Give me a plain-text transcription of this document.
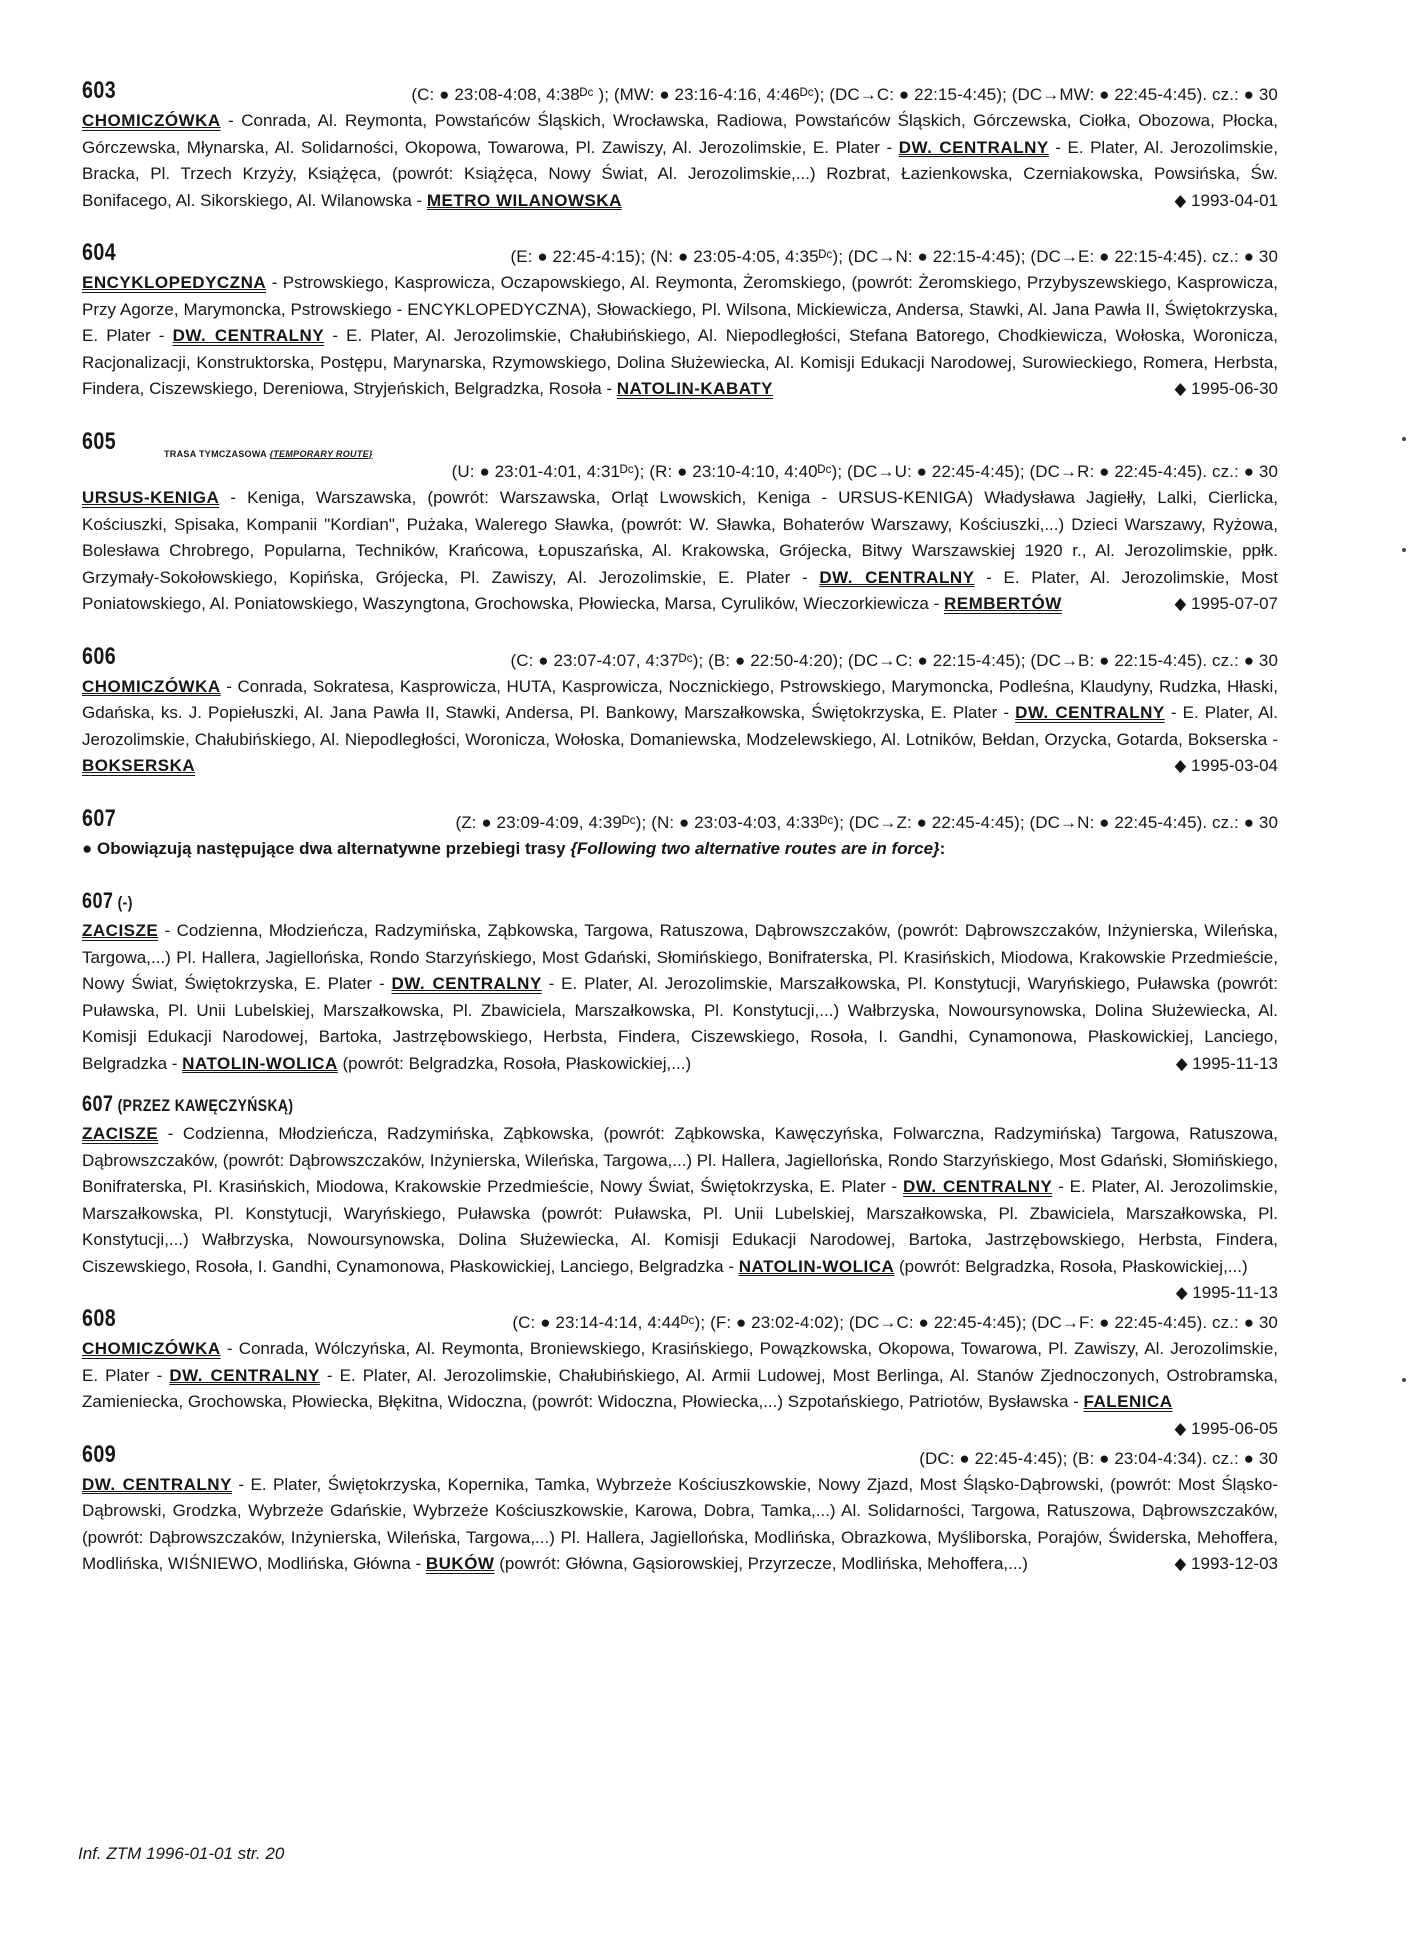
603	(C: ● 23:08-4:08, 4:38ᴰᶜ ); (MW: ● 23:16-4:16, 4:46ᴰᶜ); (DC→C: ● 22:15-4:45); (DC→MW: ● 22:45-4:45). cz.: ● 30
CHOMICZÓWKA - Conrada, Al. Reymonta, Powstańców Śląskich, Wrocławska, Radiowa, Powstańców Śląskich, Górczewska, Ciołka, Obozowa, Płocka, Górczewska, Młynarska, Al. Solidarności, Okopowa, Towarowa, Pl. Zawiszy, Al. Jerozolimskie, E. Plater - DW. CENTRALNY - E. Plater, Al. Jerozolimskie, Bracka, Pl. Trzech Krzyży, Książęca, (powrót: Książęca, Nowy Świat, Al. Jerozolimskie,...) Rozbrat, Łazienkowska, Czerniakowska, Powsińska, Św. Bonifacego, Al. Sikorskiego, Al. Wilanowska - METRO WILANOWSKA	◆ 1993-04-01
604	(E: ● 22:45-4:15); (N: ● 23:05-4:05, 4:35ᴰᶜ); (DC→N: ● 22:15-4:45); (DC→E: ● 22:15-4:45). cz.: ● 30
ENCYKLOPEDYCZNA - Pstrowskiego, Kasprowicza, Oczapowskiego, Al. Reymonta, Żeromskiego, (powrót: Żeromskiego, Przybyszewskiego, Kasprowicza, Przy Agorze, Marymoncka, Pstrowskiego - ENCYKLOPEDYCZNA), Słowackiego, Pl. Wilsona, Mickiewicza, Andersa, Stawki, Al. Jana Pawła II, Świętokrzyska, E. Plater - DW. CENTRALNY - E. Plater, Al. Jerozolimskie, Chałubińskiego, Al. Niepodległości, Stefana Batorego, Chodkiewicza, Wołoska, Woronicza, Racjonalizacji, Konstruktorska, Postępu, Marynarska, Rzymowskiego, Dolina Służewiecka, Al. Komisji Edukacji Narodowej, Surowieckiego, Romera, Herbsta, Findera, Ciszewskiego, Dereniowa, Stryjeńskich, Belgradzka, Rosoła - NATOLIN-KABATY	◆ 1995-06-30
605	TRASA TYMCZASOWA {TEMPORARY ROUTE}
(U: ● 23:01-4:01, 4:31ᴰᶜ); (R: ● 23:10-4:10, 4:40ᴰᶜ); (DC→U: ● 22:45-4:45); (DC→R: ● 22:45-4:45). cz.: ● 30
URSUS-KENIGA - Keniga, Warszawska, (powrót: Warszawska, Orląt Lwowskich, Keniga - URSUS-KENIGA) Władysława Jagiełły, Lalki, Cierlicka, Kościuszki, Spisaka, Kompanii "Kordian", Pużaka, Walerego Sławka, (powrót: W. Sławka, Bohaterów Warszawy, Kościuszki,...) Dzieci Warszawy, Ryżowa, Bolesława Chrobrego, Popularna, Techników, Krańcowa, Łopuszańska, Al. Krakowska, Grójecka, Bitwy Warszawskiej 1920 r., Al. Jerozolimskie, ppłk. Grzymały-Sokołowskiego, Kopińska, Grójecka, Pl. Zawiszy, Al. Jerozolimskie, E. Plater - DW. CENTRALNY - E. Plater, Al. Jerozolimskie, Most Poniatowskiego, Al. Poniatowskiego, Waszyngtona, Grochowska, Płowiecka, Marsa, Cyrulików, Wieczorkiewicza - REMBERTÓW	◆ 1995-07-07
606	(C: ● 23:07-4:07, 4:37ᴰᶜ); (B: ● 22:50-4:20); (DC→C: ● 22:15-4:45); (DC→B: ● 22:15-4:45). cz.: ● 30
CHOMICZÓWKA - Conrada, Sokratesa, Kasprowicza, HUTA, Kasprowicza, Nocznickiego, Pstrowskiego, Marymoncka, Podleśna, Klaudyny, Rudzka, Hłaski, Gdańska, ks. J. Popiełuszki, Al. Jana Pawła II, Stawki, Andersa, Pl. Bankowy, Marszałkowska, Świętokrzyska, E. Plater - DW. CENTRALNY - E. Plater, Al. Jerozolimskie, Chałubińskiego, Al. Niepodległości, Woronicza, Wołoska, Domaniewska, Modzelewskiego, Al. Lotników, Bełdan, Orzycka, Gotarda, Bokserska - BOKSERSKA	◆ 1995-03-04
607	(Z: ● 23:09-4:09, 4:39ᴰᶜ); (N: ● 23:03-4:03, 4:33ᴰᶜ); (DC→Z: ● 22:45-4:45); (DC→N: ● 22:45-4:45). cz.: ● 30
● Obowiązują następujące dwa alternatywne przebiegi trasy {Following two alternative routes are in force}:
607 (-)
ZACISZE - Codzienna, Młodzieńcza, Radzymińska, Ząbkowska, Targowa, Ratuszowa, Dąbrowszczaków, (powrót: Dąbrowszczaków, Inżynierska, Wileńska, Targowa,...) Pl. Hallera, Jagiellońska, Rondo Starzyńskiego, Most Gdański, Słomińskiego, Bonifraterska, Pl. Krasińskich, Miodowa, Krakowskie Przedmieście, Nowy Świat, Świętokrzyska, E. Plater - DW. CENTRALNY - E. Plater, Al. Jerozolimskie, Marszałkowska, Pl. Konstytucji, Waryńskiego, Puławska (powrót: Puławska, Pl. Unii Lubelskiej, Marszałkowska, Pl. Zbawiciela, Marszałkowska, Pl. Konstytucji,...) Wałbrzyska, Nowoursynowska, Dolina Służewiecka, Al. Komisji Edukacji Narodowej, Bartoka, Jastrzębowskiego, Herbsta, Findera, Ciszewskiego, Rosoła, I. Gandhi, Cynamonowa, Płaskowickiej, Lanciego, Belgradzka - NATOLIN-WOLICA (powrót: Belgradzka, Rosoła, Płaskowickiej,...)	◆ 1995-11-13
607 (PRZEZ KAWĘCZYŃSKĄ)
ZACISZE - Codzienna, Młodzieńcza, Radzymińska, Ząbkowska, (powrót: Ząbkowska, Kawęczyńska, Folwarczna, Radzymińska) Targowa, Ratuszowa, Dąbrowszczaków, (powrót: Dąbrowszczaków, Inżynierska, Wileńska, Targowa,...) Pl. Hallera, Jagiellońska, Rondo Starzyńskiego, Most Gdański, Słomińskiego, Bonifraterska, Pl. Krasińskich, Miodowa, Krakowskie Przedmieście, Nowy Świat, Świętokrzyska, E. Plater - DW. CENTRALNY - E. Plater, Al. Jerozolimskie, Marszałkowska, Pl. Konstytucji, Waryńskiego, Puławska (powrót: Puławska, Pl. Unii Lubelskiej, Marszałkowska, Pl. Zbawiciela, Marszałkowska, Pl. Konstytucji,...) Wałbrzyska, Nowoursynowska, Dolina Służewiecka, Al. Komisji Edukacji Narodowej, Bartoka, Jastrzębowskiego, Herbsta, Findera, Ciszewskiego, Rosoła, I. Gandhi, Cynamonowa, Płaskowickiej, Lanciego, Belgradzka - NATOLIN-WOLICA (powrót: Belgradzka, Rosoła, Płaskowickiej,...)
◆ 1995-11-13
608	(C: ● 23:14-4:14, 4:44ᴰᶜ); (F: ● 23:02-4:02); (DC→C: ● 22:45-4:45); (DC→F: ● 22:45-4:45). cz.: ● 30
CHOMICZÓWKA - Conrada, Wólczyńska, Al. Reymonta, Broniewskiego, Krasińskiego, Powązkowska, Okopowa, Towarowa, Pl. Zawiszy, Al. Jerozolimskie, E. Plater - DW. CENTRALNY - E. Plater, Al. Jerozolimskie, Chałubińskiego, Al. Armii Ludowej, Most Berlinga, Al. Stanów Zjednoczonych, Ostrobramska, Zamieniecka, Grochowska, Płowiecka, Błękitna, Widoczna, (powrót: Widoczna, Płowiecka,...) Szpotańskiego, Patriotów, Bysławska - FALENICA
◆ 1995-06-05
609	(DC: ● 22:45-4:45); (B: ● 23:04-4:34). cz.: ● 30
DW. CENTRALNY - E. Plater, Świętokrzyska, Kopernika, Tamka, Wybrzeże Kościuszkowskie, Nowy Zjazd, Most Śląsko-Dąbrowski, (powrót: Most Śląsko-Dąbrowski, Grodzka, Wybrzeże Gdańskie, Wybrzeże Kościuszkowskie, Karowa, Dobra, Tamka,...) Al. Solidarności, Targowa, Ratuszowa, Dąbrowszczaków, (powrót: Dąbrowszczaków, Inżynierska, Wileńska, Targowa,...) Pl. Hallera, Jagiellońska, Modlińska, Obrazkowa, Myśliborska, Porajów, Świderska, Mehoffera, Modlińska, WIŚNIEWO, Modlińska, Główna - BUKÓW (powrót: Główna, Gąsiorowskiej, Przyrzecze, Modlińska, Mehoffera,...)	◆ 1993-12-03
Inf. ZTM 1996-01-01 str. 20
